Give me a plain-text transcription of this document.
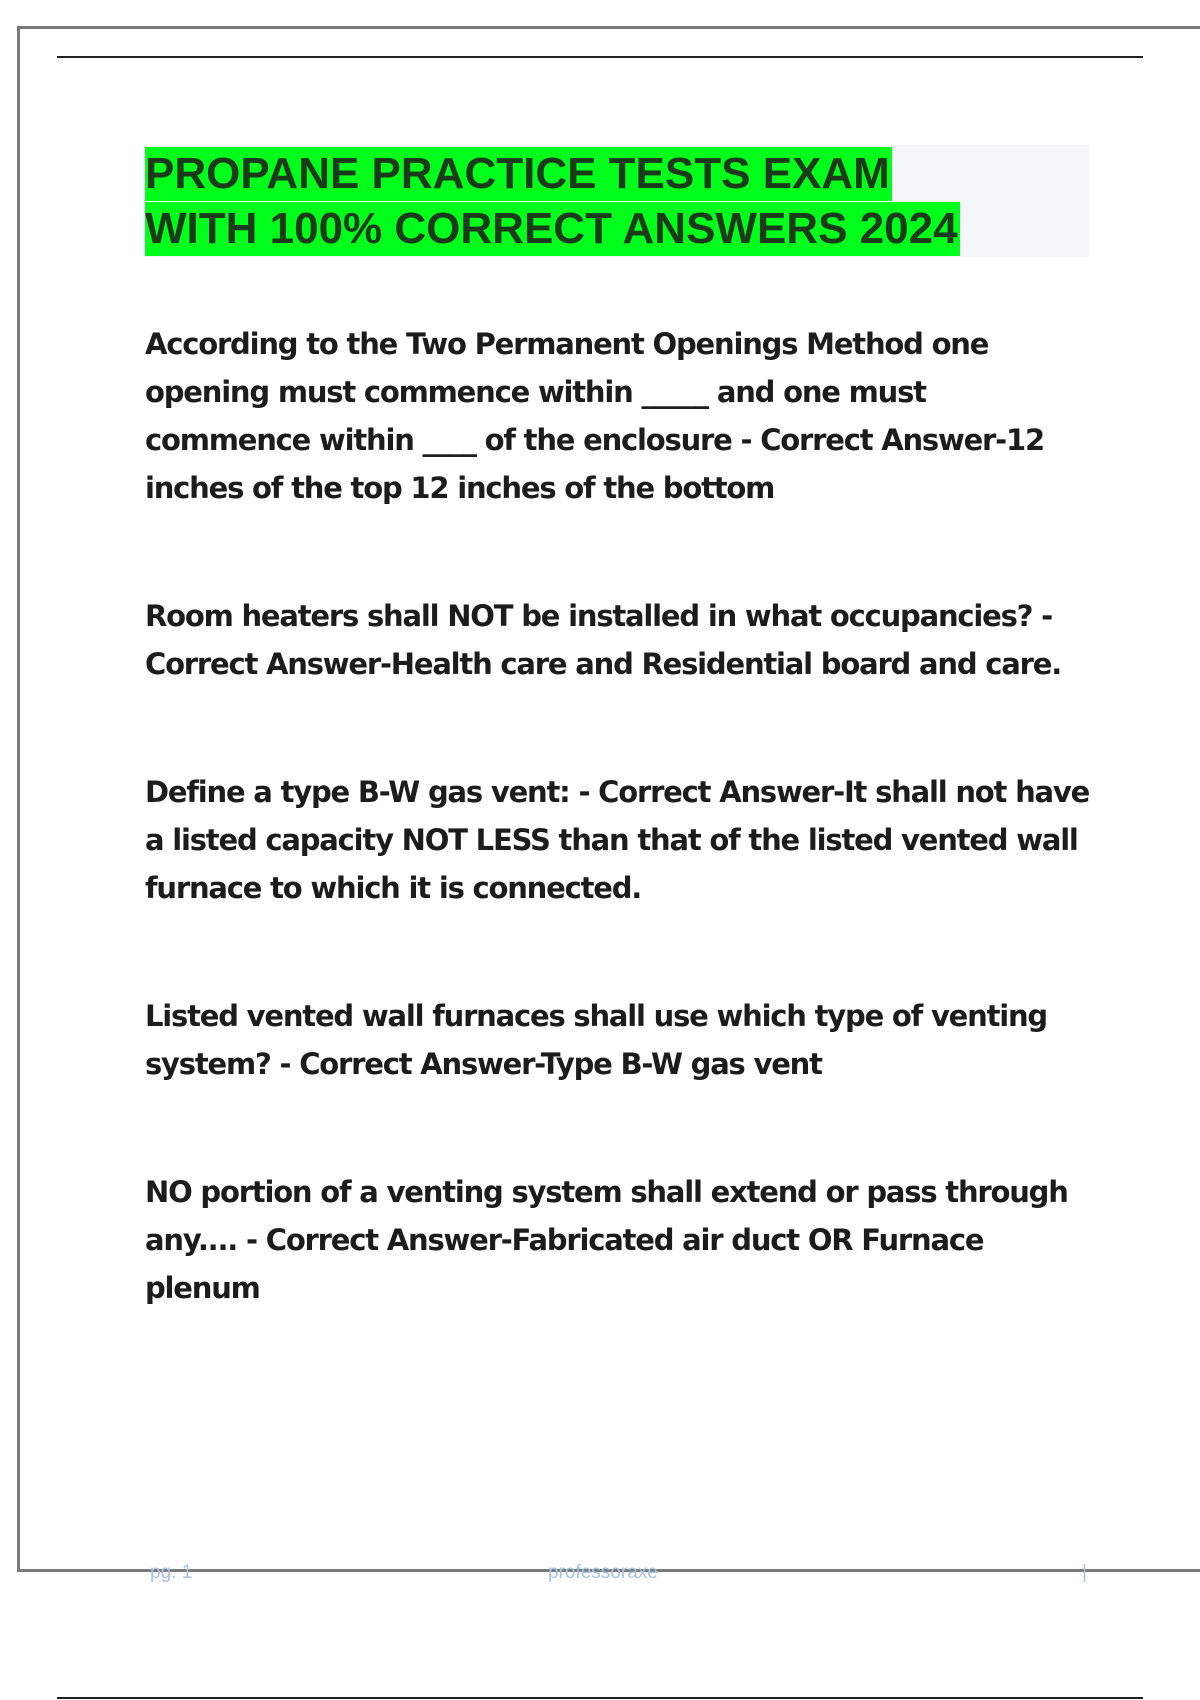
PROPANE PRACTICE TESTS EXAM
WITH 100% CORRECT ANSWERS 2024

According to the Two Permanent Openings Method one opening must commence within _____ and one must commence within ____ of the enclosure - Correct Answer-12 inches of the top 12 inches of the bottom

Room heaters shall NOT be installed in what occupancies? - Correct Answer-Health care and Residential board and care.

Define a type B-W gas vent: - Correct Answer-It shall not have a listed capacity NOT LESS than that of the listed vented wall furnace to which it is connected.

Listed vented wall furnaces shall use which type of venting system? - Correct Answer-Type B-W gas vent

NO portion of a venting system shall extend or pass through any.... - Correct Answer-Fabricated air duct OR Furnace plenum

pg. 1	professoraxe	|
